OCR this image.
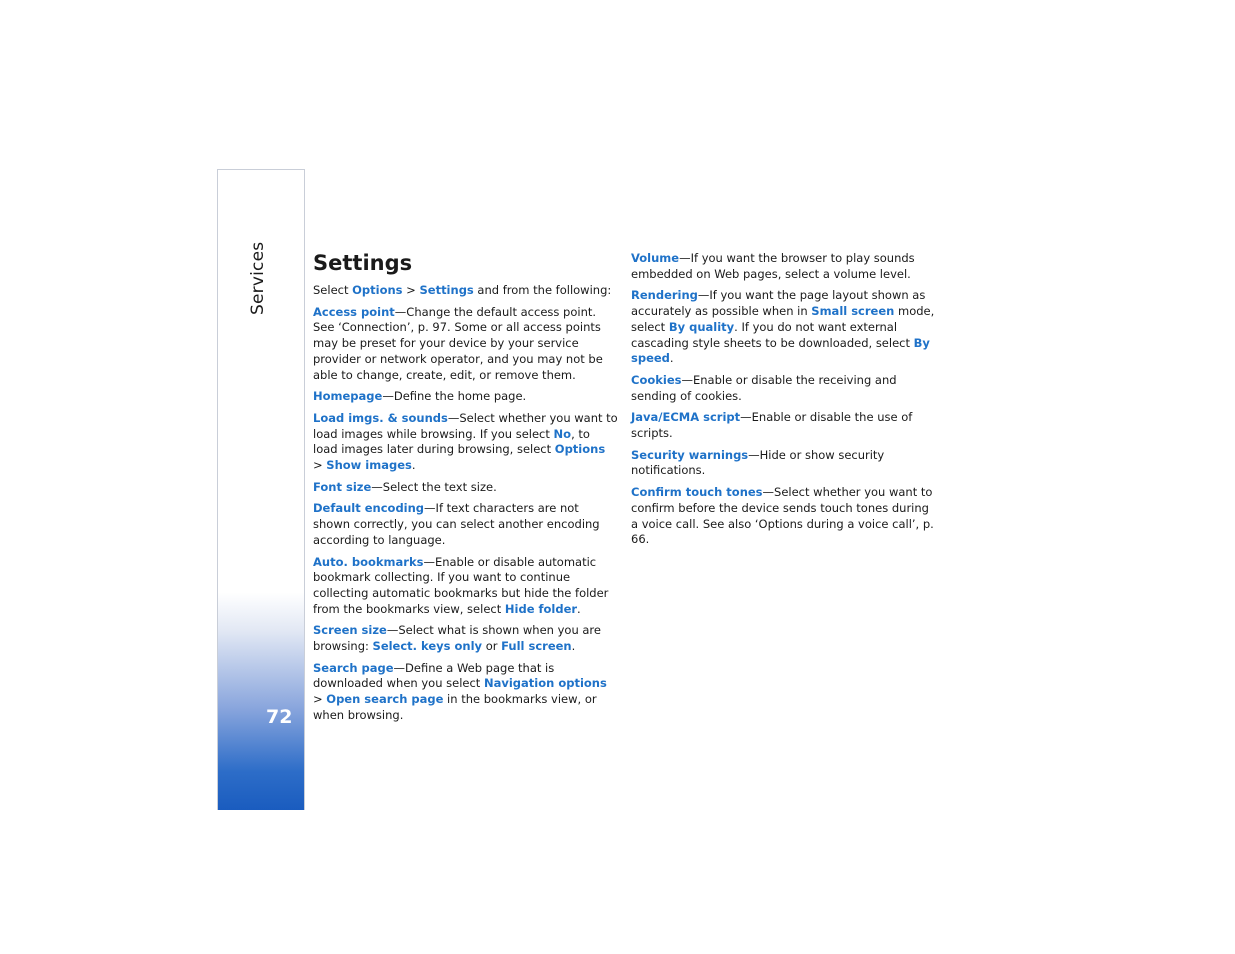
Services
72
Settings

Select Options > Settings and from the following:

Access point—Change the default access point. See ‘Connection’, p. 97. Some or all access points may be preset for your device by your service provider or network operator, and you may not be able to change, create, edit, or remove them.

Homepage—Define the home page.

Load imgs. & sounds—Select whether you want to load images while browsing. If you select No, to load images later during browsing, select Options > Show images.

Font size—Select the text size.

Default encoding—If text characters are not shown correctly, you can select another encoding according to language.

Auto. bookmarks—Enable or disable automatic bookmark collecting. If you want to continue collecting automatic bookmarks but hide the folder from the bookmarks view, select Hide folder.

Screen size—Select what is shown when you are browsing: Select. keys only or Full screen.

Search page—Define a Web page that is downloaded when you select Navigation options > Open search page in the bookmarks view, or when browsing.

Volume—If you want the browser to play sounds embedded on Web pages, select a volume level.

Rendering—If you want the page layout shown as accurately as possible when in Small screen mode, select By quality. If you do not want external cascading style sheets to be downloaded, select By speed.

Cookies—Enable or disable the receiving and sending of cookies.

Java/ECMA script—Enable or disable the use of scripts.

Security warnings—Hide or show security notifications.

Confirm touch tones—Select whether you want to confirm before the device sends touch tones during a voice call. See also ‘Options during a voice call’, p. 66.
